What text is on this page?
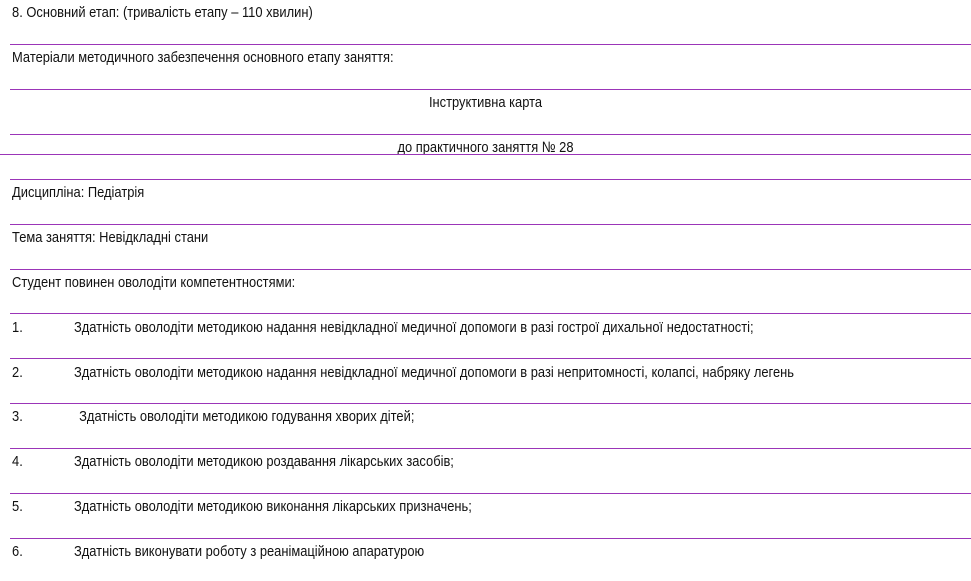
8. Основний етап: (тривалість етапу – 110 хвилин)
Матеріали методичного забезпечення основного етапу заняття:
Інструктивна карта
до практичного заняття № 28
Дисципліна: Педіатрія
Тема заняття: Невідкладні стани
Студент повинен оволодіти компетентностями:
1.	Здатність оволодіти методикою надання невідкладної медичної допомоги в разі гострої дихальної недостатності;
2.	Здатність оволодіти методикою надання невідкладної медичної допомоги в разі непритомності, колапсі, набряку легень
3.	Здатність оволодіти методикою годування хворих дітей;
4.	Здатність оволодіти методикою роздавання лікарських засобів;
5.	Здатність оволодіти методикою виконання лікарських призначень;
6.	Здатність виконувати роботу з реанімаційною апаратурою
